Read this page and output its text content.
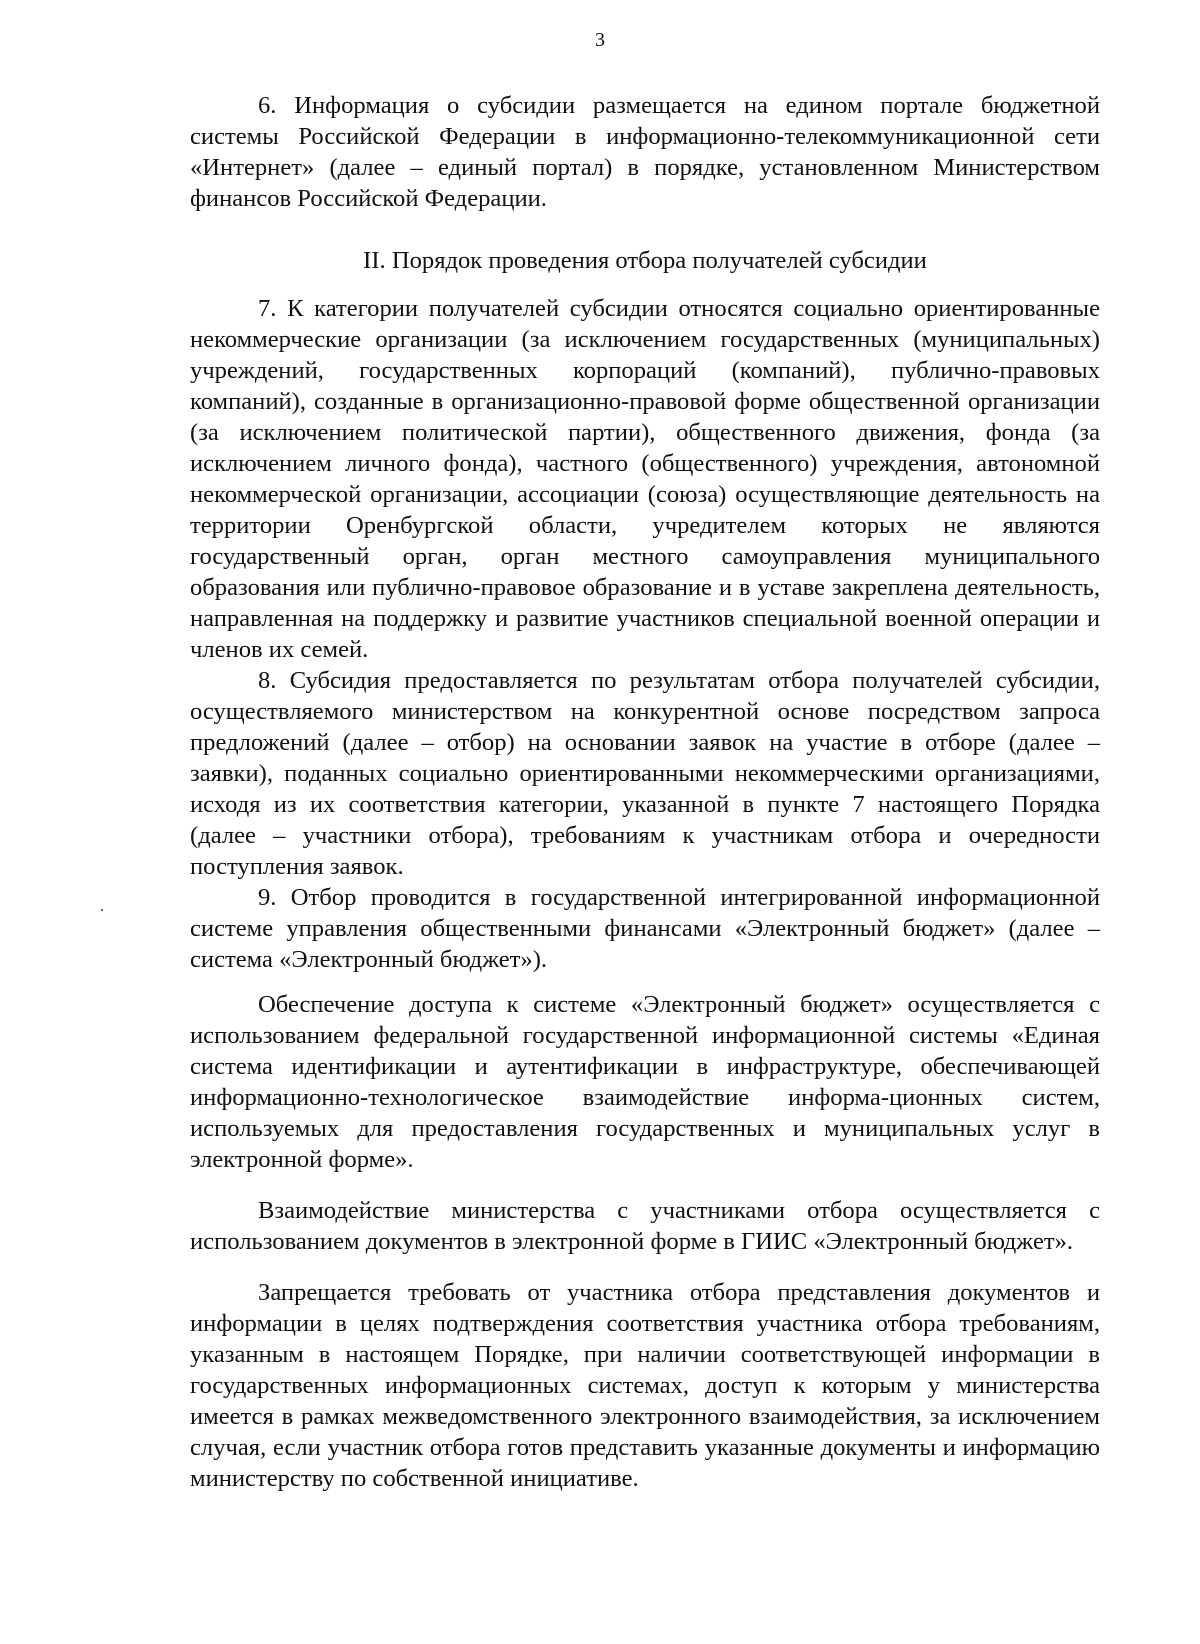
3

6. Информация о субсидии размещается на едином портале бюджетной системы Российской Федерации в информационно-телекоммуникационной сети «Интернет» (далее – единый портал) в порядке, установленном Министерством финансов Российской Федерации.

II. Порядок проведения отбора получателей субсидии

7. К категории получателей субсидии относятся социально ориентированные некоммерческие организации (за исключением государственных (муниципальных) учреждений, государственных корпораций (компаний), публично-правовых компаний), созданные в организационно-правовой форме общественной организации (за исключением политической партии), общественного движения, фонда (за исключением личного фонда), частного (общественного) учреждения, автономной некоммерческой организации, ассоциации (союза) осуществляющие деятельность на территории Оренбургской области, учредителем которых не являются государственный орган, орган местного самоуправления муниципального образования или публично-правовое образование и в уставе закреплена деятельность, направленная на поддержку и развитие участников специальной военной операции и членов их семей.

8. Субсидия предоставляется по результатам отбора получателей субсидии, осуществляемого министерством на конкурентной основе посредством запроса предложений (далее – отбор) на основании заявок на участие в отборе (далее – заявки), поданных социально ориентированными некоммерческими организациями, исходя из их соответствия категории, указанной в пункте 7 настоящего Порядка (далее – участники отбора), требованиям к участникам отбора и очередности поступления заявок.

9. Отбор проводится в государственной интегрированной информационной системе управления общественными финансами «Электронный бюджет» (далее – система «Электронный бюджет»).

Обеспечение доступа к системе «Электронный бюджет» осуществляется с использованием федеральной государственной информационной системы «Единая система идентификации и аутентификации в инфраструктуре, обеспечивающей информационно-технологическое взаимодействие информа-ционных систем, используемых для предоставления государственных и муниципальных услуг в электронной форме».

Взаимодействие министерства с участниками отбора осуществляется с использованием документов в электронной форме в ГИИС «Электронный бюджет».

Запрещается требовать от участника отбора представления документов и информации в целях подтверждения соответствия участника отбора требованиям, указанным в настоящем Порядке, при наличии соответствующей информации в государственных информационных системах, доступ к которым у министерства имеется в рамках межведомственного электронного взаимодействия, за исключением случая, если участник отбора готов представить указанные документы и информацию министерству по собственной инициативе.
